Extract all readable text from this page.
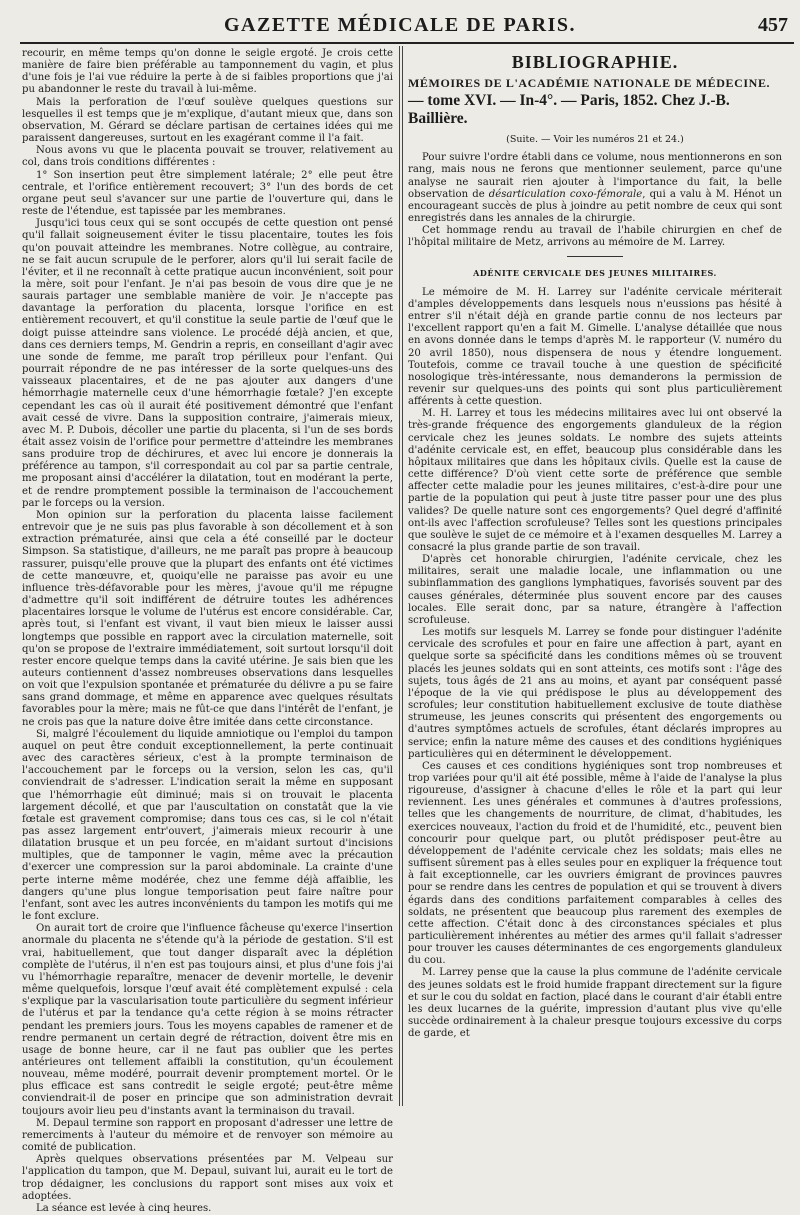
GAZETTE MÉDICALE DE PARIS.	457

recourir, en même temps qu'on donne le seigle ergoté. Je crois cette manière de faire bien préférable au tamponnement du vagin, et plus d'une fois je l'ai vue réduire la perte à de si faibles proportions que j'ai pu abandonner le reste du travail à lui-même.

Mais la perforation de l'œuf soulève quelques questions sur lesquelles il est temps que je m'explique, d'autant mieux que, dans son observation, M. Gérard se déclare partisan de certaines idées qui me paraissent dangereuses, surtout en les exagérant comme il l'a fait.

Nous avons vu que le placenta pouvait se trouver, relativement au col, dans trois conditions différentes :

1° Son insertion peut être simplement latérale; 2° elle peut être centrale, et l'orifice entièrement recouvert; 3° l'un des bords de cet organe peut seul s'avancer sur une partie de l'ouverture qui, dans le reste de l'étendue, est tapissée par les membranes.

Jusqu'ici tous ceux qui se sont occupés de cette question ont pensé qu'il fallait soigneusement éviter le tissu placentaire, toutes les fois qu'on pouvait atteindre les membranes. Notre collègue, au contraire, ne se fait aucun scrupule de le perforer, alors qu'il lui serait facile de l'éviter, et il ne reconnaît à cette pratique aucun inconvénient, soit pour la mère, soit pour l'enfant. Je n'ai pas besoin de vous dire que je ne saurais partager une semblable manière de voir. Je n'accepte pas davantage la perforation du placenta, lorsque l'orifice en est entièrement recouvert, et qu'il constitue la seule partie de l'œuf que le doigt puisse atteindre sans violence. Le procédé déjà ancien, et que, dans ces derniers temps, M. Gendrin a repris, en conseillant d'agir avec une sonde de femme, me paraît trop périlleux pour l'enfant. Qui pourrait répondre de ne pas intéresser de la sorte quelques-uns des vaisseaux placentaires, et de ne pas ajouter aux dangers d'une hémorrhagie maternelle ceux d'une hémorrhagie fœtale? J'en excepte cependant les cas où il aurait été positivement démontré que l'enfant avait cessé de vivre. Dans la supposition contraire, j'aimerais mieux, avec M. P. Dubois, décoller une partie du placenta, si l'un de ses bords était assez voisin de l'orifice pour permettre d'atteindre les membranes sans produire trop de déchirures, et avec lui encore je donnerais la préférence au tampon, s'il correspondait au col par sa partie centrale, me proposant ainsi d'accélérer la dilatation, tout en modérant la perte, et de rendre promptement possible la terminaison de l'accouchement par le forceps ou la version.

Mon opinion sur la perforation du placenta laisse facilement entrevoir que je ne suis pas plus favorable à son décollement et à son extraction prématurée, ainsi que cela a été conseillé par le docteur Simpson. Sa statistique, d'ailleurs, ne me paraît pas propre à beaucoup rassurer, puisqu'elle prouve que la plupart des enfants ont été victimes de cette manœuvre, et, quoiqu'elle ne paraisse pas avoir eu une influence très-défavorable pour les mères, j'avoue qu'il me répugne d'admettre qu'il soit indifférent de détruire toutes les adhérences placentaires lorsque le volume de l'utérus est encore considérable. Car, après tout, si l'enfant est vivant, il vaut bien mieux le laisser aussi longtemps que possible en rapport avec la circulation maternelle, soit qu'on se propose de l'extraire immédiatement, soit surtout lorsqu'il doit rester encore quelque temps dans la cavité utérine. Je sais bien que les auteurs contiennent d'assez nombreuses observations dans lesquelles on voit que l'expulsion spontanée et prématurée du délivre a pu se faire sans grand dommage, et même en apparence avec quelques résultats favorables pour la mère; mais ne fût-ce que dans l'intérêt de l'enfant, je ne crois pas que la nature doive être imitée dans cette circonstance.

Si, malgré l'écoulement du liquide amniotique ou l'emploi du tampon auquel on peut être conduit exceptionnellement, la perte continuait avec des caractères sérieux, c'est à la prompte terminaison de l'accouchement par le forceps ou la version, selon les cas, qu'il conviendrait de s'adresser. L'indication serait la même en supposant que l'hémorrhagie eût diminué; mais si on trouvait le placenta largement décollé, et que par l'auscultation on constatât que la vie fœtale est gravement compromise; dans tous ces cas, si le col n'était pas assez largement entr'ouvert, j'aimerais mieux recourir à une dilatation brusque et un peu forcée, en m'aidant surtout d'incisions multiples, que de tamponner le vagin, même avec la précaution d'exercer une compression sur la paroi abdominale. La crainte d'une perte interne même modérée, chez une femme déjà affaiblie, les dangers qu'une plus longue temporisation peut faire naître pour l'enfant, sont avec les autres inconvénients du tampon les motifs qui me le font exclure.

On aurait tort de croire que l'influence fâcheuse qu'exerce l'insertion anormale du placenta ne s'étende qu'à la période de gestation. S'il est vrai, habituellement, que tout danger disparaît avec la déplétion complète de l'utérus, il n'en est pas toujours ainsi, et plus d'une fois j'ai vu l'hémorrhagie reparaître, menacer de devenir mortelle, le devenir même quelquefois, lorsque l'œuf avait été complètement expulsé : cela s'explique par la vascularisation toute particulière du segment inférieur de l'utérus et par la tendance qu'a cette région à se moins rétracter pendant les premiers jours. Tous les moyens capables de ramener et de rendre permanent un certain degré de rétraction, doivent être mis en usage de bonne heure, car il ne faut pas oublier que les pertes antérieures ont tellement affaibli la constitution, qu'un écoulement nouveau, même modéré, pourrait devenir promptement mortel. Or le plus efficace est sans contredit le seigle ergoté; peut-être même conviendrait-il de poser en principe que son administration devrait toujours avoir lieu peu d'instants avant la terminaison du travail.

M. Depaul termine son rapport en proposant d'adresser une lettre de remerciments à l'auteur du mémoire et de renvoyer son mémoire au comité de publication.

Après quelques observations présentées par M. Velpeau sur l'application du tampon, que M. Depaul, suivant lui, aurait eu le tort de trop dédaigner, les conclusions du rapport sont mises aux voix et adoptées.

La séance est levée à cinq heures.

BIBLIOGRAPHIE.
MÉMOIRES DE L'ACADÉMIE NATIONALE DE MÉDECINE. — tome XVI. — In-4°. — Paris, 1852. Chez J.-B. Baillière.
(Suite. — Voir les numéros 21 et 24.)

Pour suivre l'ordre établi dans ce volume, nous mentionnerons en son rang, mais nous ne ferons que mentionner seulement, parce qu'une analyse ne saurait rien ajouter à l'importance du fait, la belle observation de désarticulation coxo-fémorale, qui a valu à M. Hénot un encourageant succès de plus à joindre au petit nombre de ceux qui sont enregistrés dans les annales de la chirurgie.

Cet hommage rendu au travail de l'habile chirurgien en chef de l'hôpital militaire de Metz, arrivons au mémoire de M. Larrey.

ADÉNITE CERVICALE DES JEUNES MILITAIRES.

Le mémoire de M. H. Larrey sur l'adénite cervicale mériterait d'amples développements dans lesquels nous n'eussions pas hésité à entrer s'il n'était déjà en grande partie connu de nos lecteurs par l'excellent rapport qu'en a fait M. Gimelle. L'analyse détaillée que nous en avons donnée dans le temps d'après M. le rapporteur (V. numéro du 20 avril 1850), nous dispensera de nous y étendre longuement. Toutefois, comme ce travail touche à une question de spécificité nosologique très-intéressante, nous demanderons la permission de revenir sur quelques-uns des points qui sont plus particulièrement afférents à cette question.

M. H. Larrey et tous les médecins militaires avec lui ont observé la très-grande fréquence des engorgements glanduleux de la région cervicale chez les jeunes soldats. Le nombre des sujets atteints d'adénite cervicale est, en effet, beaucoup plus considérable dans les hôpitaux militaires que dans les hôpitaux civils. Quelle est la cause de cette différence? D'où vient cette sorte de préférence que semble affecter cette maladie pour les jeunes militaires, c'est-à-dire pour une partie de la population qui peut à juste titre passer pour une des plus valides? De quelle nature sont ces engorgements? Quel degré d'affinité ont-ils avec l'affection scrofuleuse? Telles sont les questions principales que soulève le sujet de ce mémoire et à l'examen desquelles M. Larrey a consacré la plus grande partie de son travail.

D'après cet honorable chirurgien, l'adénite cervicale, chez les militaires, serait une maladie locale, une inflammation ou une subinflammation des ganglions lymphatiques, favorisés souvent par des causes générales, déterminée plus souvent encore par des causes locales. Elle serait donc, par sa nature, étrangère à l'affection scrofuleuse.

Les motifs sur lesquels M. Larrey se fonde pour distinguer l'adénite cervicale des scrofules et pour en faire une affection à part, ayant en quelque sorte sa spécificité dans les conditions mêmes où se trouvent placés les jeunes soldats qui en sont atteints, ces motifs sont : l'âge des sujets, tous âgés de 21 ans au moins, et ayant par conséquent passé l'époque de la vie qui prédispose le plus au développement des scrofules; leur constitution habituellement exclusive de toute diathèse strumeuse, les jeunes conscrits qui présentent des engorgements ou d'autres symptômes actuels de scrofules, étant déclarés impropres au service; enfin la nature même des causes et des conditions hygiéniques particulières qui en déterminent le développement.

Ces causes et ces conditions hygiéniques sont trop nombreuses et trop variées pour qu'il ait été possible, même à l'aide de l'analyse la plus rigoureuse, d'assigner à chacune d'elles le rôle et la part qui leur reviennent. Les unes générales et communes à d'autres professions, telles que les changements de nourriture, de climat, d'habitudes, les exercices nouveaux, l'action du froid et de l'humidité, etc., peuvent bien concourir pour quelque part, ou plutôt prédisposer peut-être au développement de l'adénite cervicale chez les soldats; mais elles ne suffisent sûrement pas à elles seules pour en expliquer la fréquence tout à fait exceptionnelle, car les ouvriers émigrant de provinces pauvres pour se rendre dans les centres de population et qui se trouvent à divers égards dans des conditions parfaitement comparables à celles des soldats, ne présentent que beaucoup plus rarement des exemples de cette affection. C'était donc à des circonstances spéciales et plus particulièrement inhérentes au métier des armes qu'il fallait s'adresser pour trouver les causes déterminantes de ces engorgements glanduleux du cou.

M. Larrey pense que la cause la plus commune de l'adénite cervicale des jeunes soldats est le froid humide frappant directement sur la figure et sur le cou du soldat en faction, placé dans le courant d'air établi entre les deux lucarnes de la guérite, impression d'autant plus vive qu'elle succède ordinairement à la chaleur presque toujours excessive du corps de garde, et
